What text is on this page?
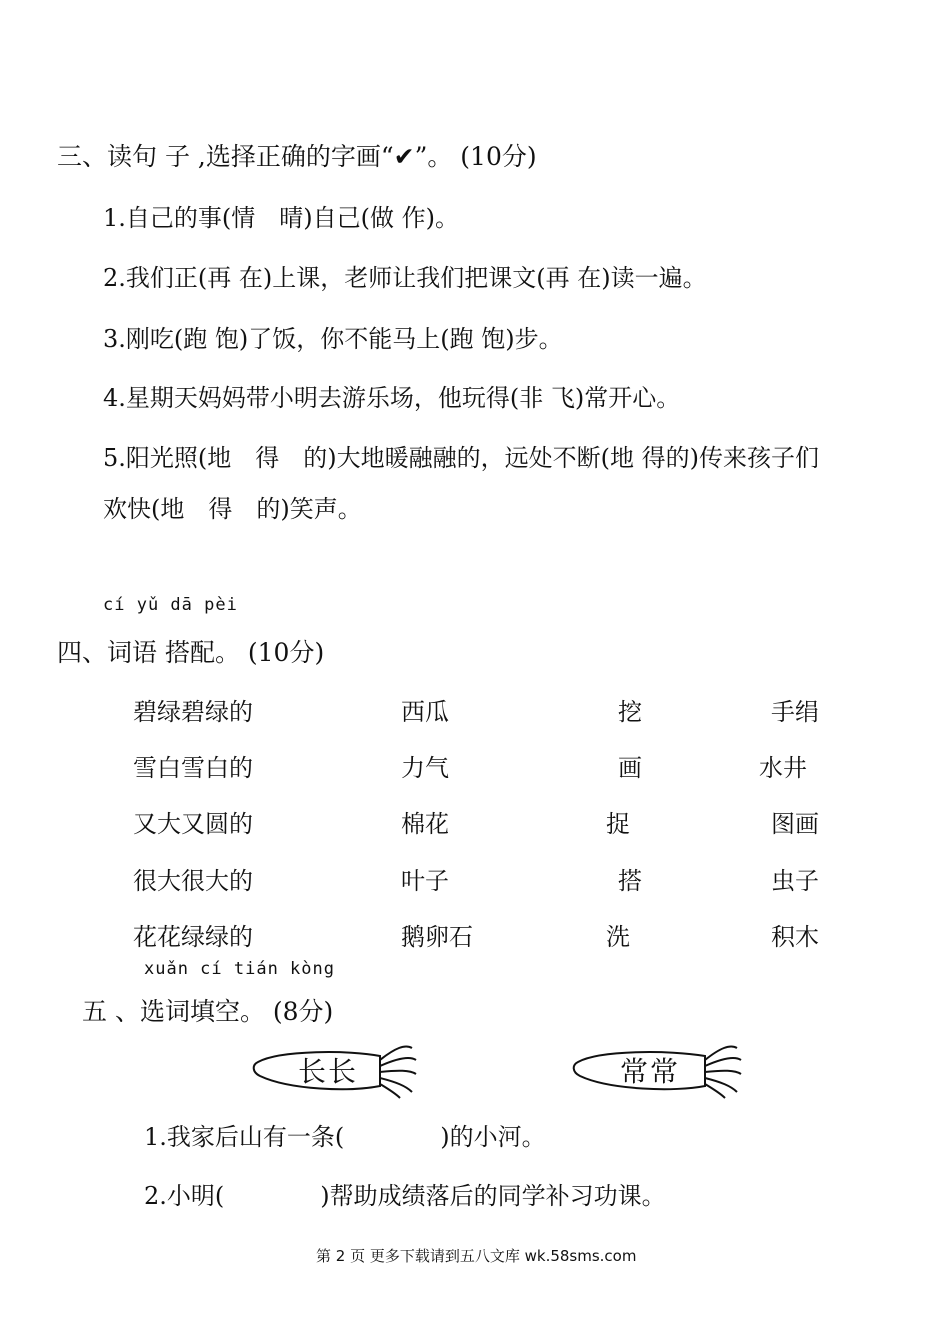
三、读句 子 ,选择正确的字画“✔”。 (10分)
1.自己的事(情　晴)自己(做 作)。
2.我们正(再 在)上课，老师让我们把课文(再 在)读一遍。
3.刚吃(跑 饱)了饭，你不能马上(跑 饱)步。
4.星期天妈妈带小明去游乐场，他玩得(非 飞)常开心。
5.阳光照(地　得　的)大地暖融融的，远处不断(地 得的)传来孩子们
欢快(地　得　的)笑声。
cí yǔ dā pèi
四、词语 搭配。 (10分)
碧绿碧绿的
雪白雪白的
又大又圆的
很大很大的
花花绿绿的
西瓜
力气
棉花
叶子
鹅卵石
挖
画
捉
搭
洗
手绢
水井
图画
虫子
积木
xuǎn cí tián kòng
五 、选词填空。 (8分)
长长	常常
1.我家后山有一条(　　　　)的小河。
2.小明(　　　　)帮助成绩落后的同学补习功课。
第 2 页 更多下载请到五八文库 wk.58sms.com
